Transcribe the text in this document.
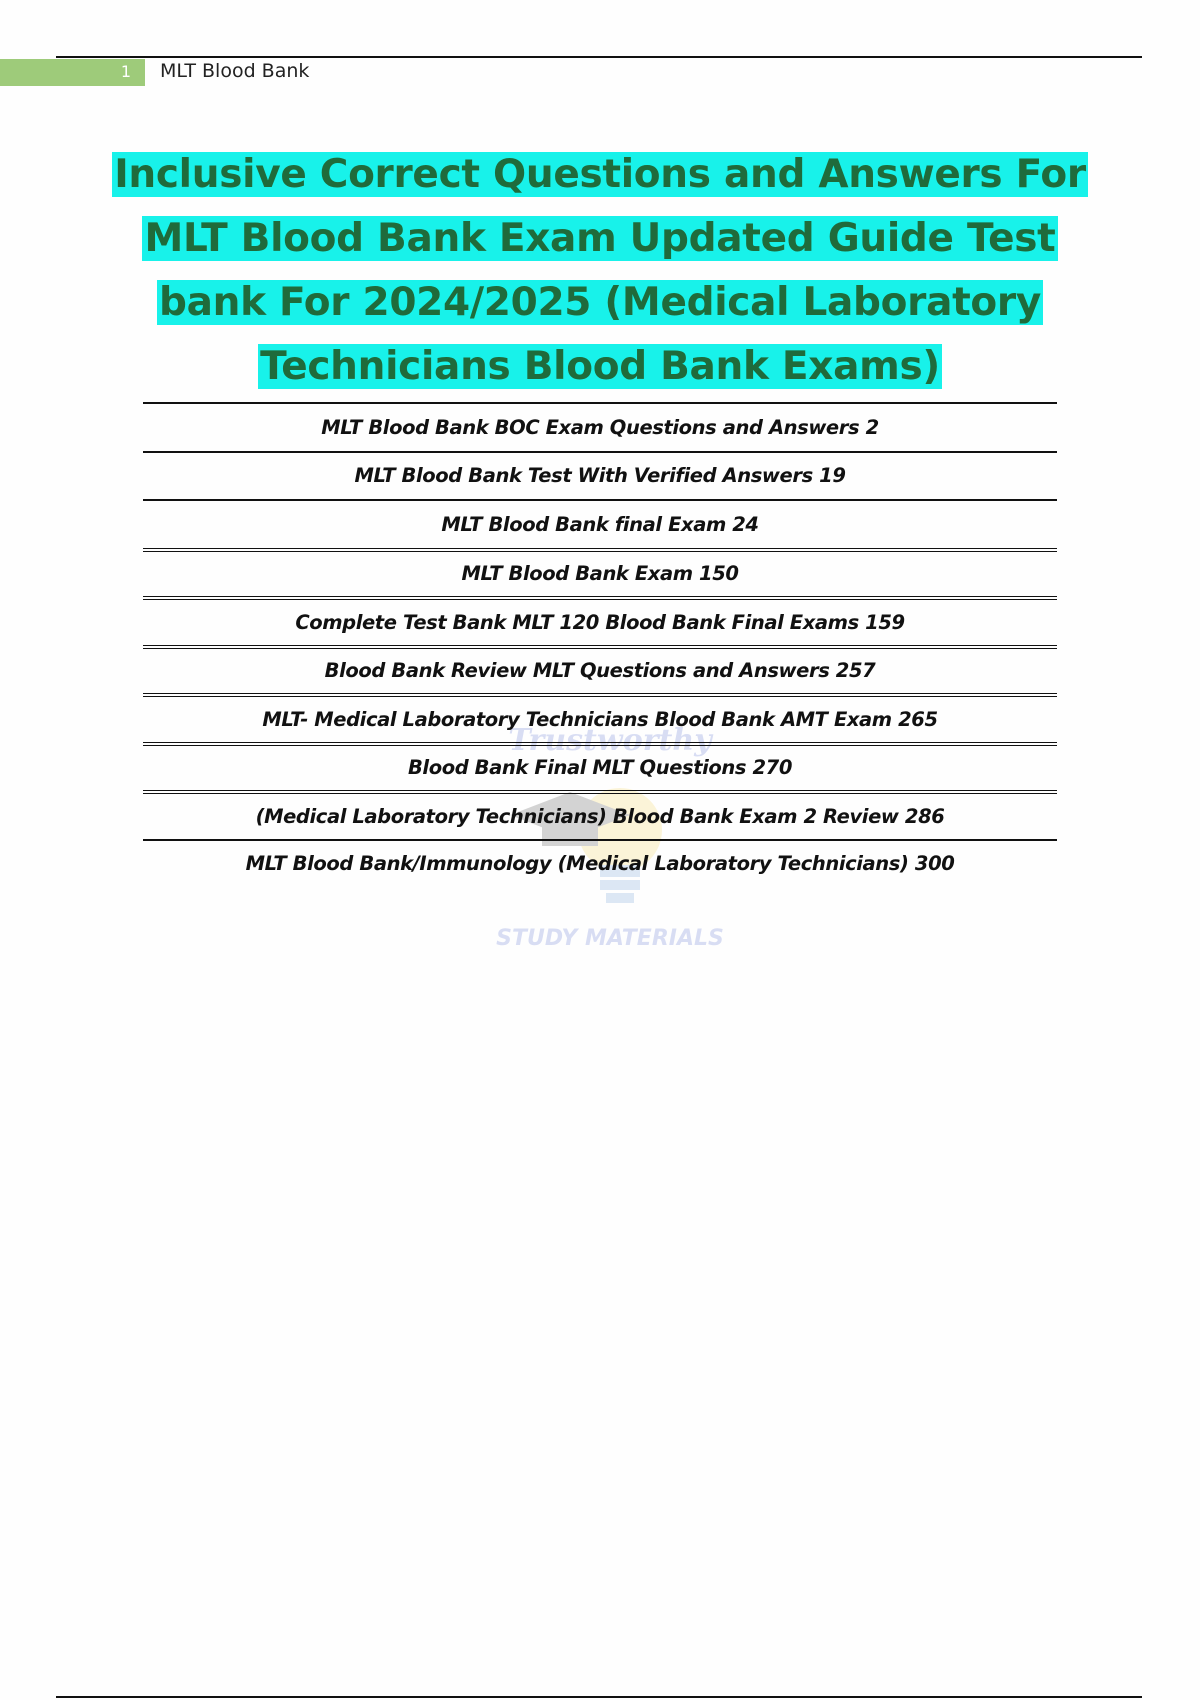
1 MLT Blood Bank
Inclusive Correct Questions and Answers For MLT Blood Bank Exam Updated Guide Test bank For 2024/2025 (Medical Laboratory Technicians Blood Bank Exams)
Trustworthy
STUDY MATERIALS
MLT Blood Bank BOC Exam Questions and Answers 2
MLT Blood Bank Test With Verified Answers 19
MLT Blood Bank final Exam 24
MLT Blood Bank Exam 150
Complete Test Bank MLT 120 Blood Bank Final Exams 159
Blood Bank Review MLT Questions and Answers 257
MLT- Medical Laboratory Technicians Blood Bank AMT Exam 265
Blood Bank Final MLT Questions 270
(Medical Laboratory Technicians) Blood Bank Exam 2 Review 286
MLT Blood Bank/Immunology (Medical Laboratory Technicians) 300
